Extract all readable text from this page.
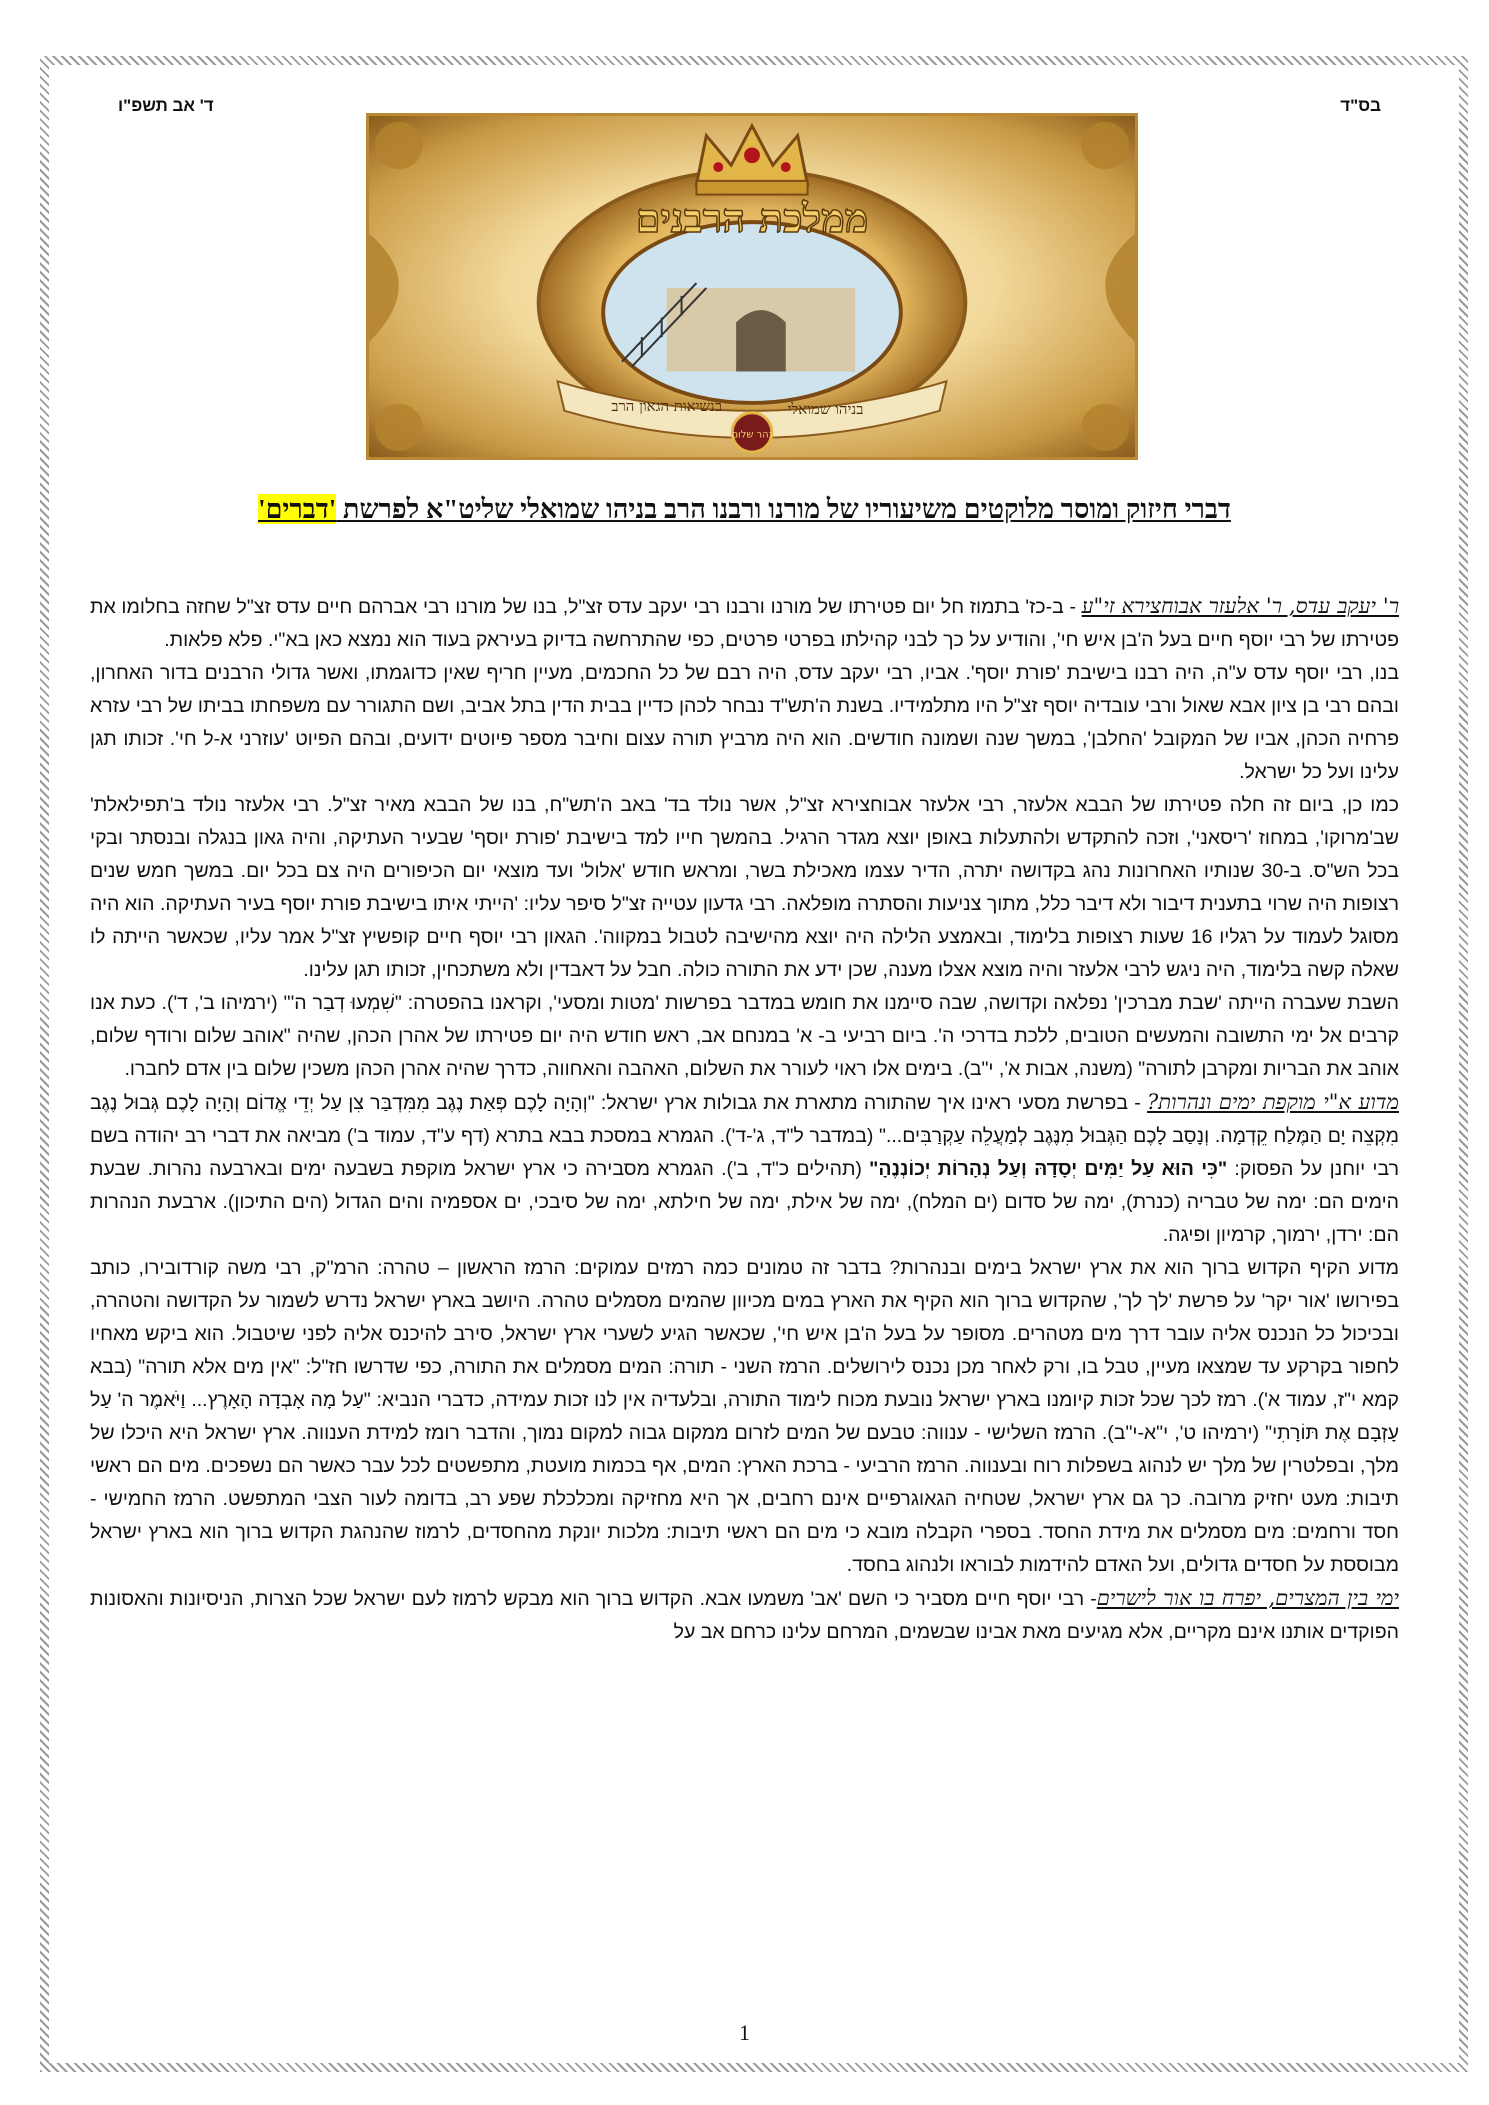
בס"ד
ד' אב תשפ"ו
ממלכת הרבנים
בנשיאות הגאון הרב	בניהו שמואלי
נהר שלום
דברי חיזוק ומוסר מלוקטים משיעוריו של מורנו ורבנו הרב בניהו שמואלי שליט"א לפרשת 'דברים'

ר' יעקב עדס, ר' אלעזר אבוחצירא זי"ע - ב-כז' בתמוז חל יום פטירתו של מורנו ורבנו רבי יעקב עדס זצ"ל, בנו של מורנו רבי אברהם חיים עדס זצ"ל שחזה בחלומו את פטירתו של רבי יוסף חיים בעל ה'בן איש חי', והודיע על כך לבני קהילתו בפרטי פרטים, כפי שהתרחשה בדיוק בעיראק בעוד הוא נמצא כאן בא"י. פלא פלאות.

בנו, רבי יוסף עדס ע"ה, היה רבנו בישיבת 'פורת יוסף'. אביו, רבי יעקב עדס, היה רבם של כל החכמים, מעיין חריף שאין כדוגמתו, ואשר גדולי הרבנים בדור האחרון, ובהם רבי בן ציון אבא שאול ורבי עובדיה יוסף זצ"ל היו מתלמידיו. בשנת ה'תש"ד נבחר לכהן כדיין בבית הדין בתל אביב, ושם התגורר עם משפחתו בביתו של רבי עזרא פרחיה הכהן, אביו של המקובל 'החלבן', במשך שנה ושמונה חודשים. הוא היה מרביץ תורה עצום וחיבר מספר פיוטים ידועים, ובהם הפיוט 'עוזרני א-ל חי'. זכותו תגן עלינו ועל כל ישראל.

כמו כן, ביום זה חלה פטירתו של הבבא אלעזר, רבי אלעזר אבוחצירא זצ"ל, אשר נולד בד' באב ה'תש"ח, בנו של הבבא מאיר זצ"ל. רבי אלעזר נולד ב'תפילאלת' שב'מרוקו', במחוז 'ריסאני', וזכה להתקדש ולהתעלות באופן יוצא מגדר הרגיל. בהמשך חייו למד בישיבת 'פורת יוסף' שבעיר העתיקה, והיה גאון בנגלה ובנסתר ובקי בכל הש"ס. ב-30 שנותיו האחרונות נהג בקדושה יתרה, הדיר עצמו מאכילת בשר, ומראש חודש 'אלול' ועד מוצאי יום הכיפורים היה צם בכל יום. במשך חמש שנים רצופות היה שרוי בתענית דיבור ולא דיבר כלל, מתוך צניעות והסתרה מופלאה. רבי גדעון עטייה זצ"ל סיפר עליו: 'הייתי איתו בישיבת פורת יוסף בעיר העתיקה. הוא היה מסוגל לעמוד על רגליו 16 שעות רצופות בלימוד, ובאמצע הלילה היה יוצא מהישיבה לטבול במקווה'. הגאון רבי יוסף חיים קופשיץ זצ"ל אמר עליו, שכאשר הייתה לו שאלה קשה בלימוד, היה ניגש לרבי אלעזר והיה מוצא אצלו מענה, שכן ידע את התורה כולה. חבל על דאבדין ולא משתכחין, זכותו תגן עלינו.

השבת שעברה הייתה 'שבת מברכין' נפלאה וקדושה, שבה סיימנו את חומש במדבר בפרשות 'מטות ומסעי', וקראנו בהפטרה: "שִׁמְעוּ דְבַר ה'" (ירמיהו ב', ד'). כעת אנו קרבים אל ימי התשובה והמעשים הטובים, ללכת בדרכי ה'. ביום רביעי ב- א' במנחם אב, ראש חודש היה יום פטירתו של אהרן הכהן, שהיה "אוהב שלום ורודף שלום, אוהב את הבריות ומקרבן לתורה" (משנה, אבות א', י"ב). בימים אלו ראוי לעורר את השלום, האהבה והאחווה, כדרך שהיה אהרן הכהן משכין שלום בין אדם לחברו.

מדוע א"י מוקפת ימים ונהרות? - בפרשת מסעי ראינו איך שהתורה מתארת את גבולות ארץ ישראל: "וְהָיָה לָכֶם פְּאַת נֶגֶב מִמִּדְבַּר צִן עַל יְדֵי אֱדוֹם וְהָיָה לָכֶם גְּבוּל נֶגֶב מִקְצֵה יָם הַמֶּלַח קֵדְמָה. וְנָסַב לָכֶם הַגְּבוּל מִנֶּגֶב לְמַעֲלֵה עַקְרַבִּים..." (במדבר ל"ד, ג'-ד'). הגמרא במסכת בבא בתרא (דף ע"ד, עמוד ב') מביאה את דברי רב יהודה בשם רבי יוחנן על הפסוק: "כִּי הוּא עַל יַמִּים יְסָדָהּ וְעַל נְהָרוֹת יְכוֹנְנֶהָ" (תהילים כ"ד, ב'). הגמרא מסבירה כי ארץ ישראל מוקפת בשבעה ימים ובארבעה נהרות. שבעת הימים הם: ימה של טבריה (כנרת), ימה של סדום (ים המלח), ימה של אילת, ימה של חילתא, ימה של סיבכי, ים אספמיה והים הגדול (הים התיכון). ארבעת הנהרות הם: ירדן, ירמוך, קרמיון ופיגה.

מדוע הקיף הקדוש ברוך הוא את ארץ ישראל בימים ובנהרות? בדבר זה טמונים כמה רמזים עמוקים: הרמז הראשון – טהרה: הרמ"ק, רבי משה קורדובירו, כותב בפירושו 'אור יקר' על פרשת 'לך לך', שהקדוש ברוך הוא הקיף את הארץ במים מכיוון שהמים מסמלים טהרה. היושב בארץ ישראל נדרש לשמור על הקדושה והטהרה, ובכיכול כל הנכנס אליה עובר דרך מים מטהרים. מסופר על בעל ה'בן איש חי', שכאשר הגיע לשערי ארץ ישראל, סירב להיכנס אליה לפני שיטבול. הוא ביקש מאחיו לחפור בקרקע עד שמצאו מעיין, טבל בו, ורק לאחר מכן נכנס לירושלים. הרמז השני - תורה: המים מסמלים את התורה, כפי שדרשו חז"ל: "אין מים אלא תורה" (בבא קמא י"ז, עמוד א'). רמז לכך שכל זכות קיומנו בארץ ישראל נובעת מכוח לימוד התורה, ובלעדיה אין לנו זכות עמידה, כדברי הנביא: "עַל מָה אָבְדָה הָאָרֶץ... וַיֹּאמֶר ה' עַל עָזְבָם אֶת תּוֹרָתִי" (ירמיהו ט', י"א-י"ב). הרמז השלישי - ענווה: טבעם של המים לזרום ממקום גבוה למקום נמוך, והדבר רומז למידת הענווה. ארץ ישראל היא היכלו של מלך, ובפלטרין של מלך יש לנהוג בשפלות רוח ובענווה. הרמז הרביעי - ברכת הארץ: המים, אף בכמות מועטת, מתפשטים לכל עבר כאשר הם נשפכים. מים הם ראשי תיבות: מעט יחזיק מרובה. כך גם ארץ ישראל, שטחיה הגאוגרפיים אינם רחבים, אך היא מחזיקה ומכלכלת שפע רב, בדומה לעור הצבי המתפשט. הרמז החמישי - חסד ורחמים: מים מסמלים את מידת החסד. בספרי הקבלה מובא כי מים הם ראשי תיבות: מלכות יונקת מהחסדים, לרמוז שהנהגת הקדוש ברוך הוא בארץ ישראל מבוססת על חסדים גדולים, ועל האדם להידמות לבוראו ולנהוג בחסד.

ימי בין המצרים, יפרח בו אור לישרים- רבי יוסף חיים מסביר כי השם 'אב' משמעו אבא. הקדוש ברוך הוא מבקש לרמוז לעם ישראל שכל הצרות, הניסיונות והאסונות הפוקדים אותנו אינם מקריים, אלא מגיעים מאת אבינו שבשמים, המרחם עלינו כרחם אב על

1
